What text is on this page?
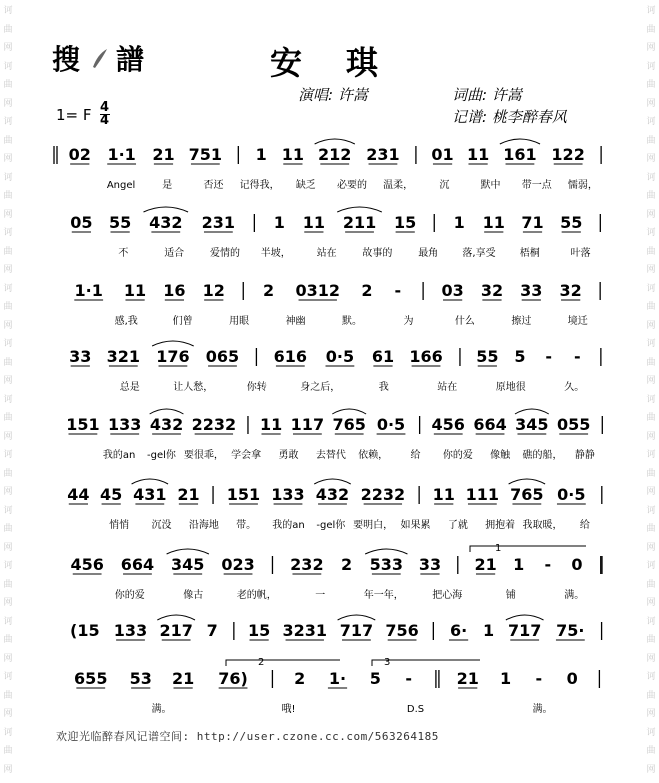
诃
曲
网
诃
曲
网
诃
曲
网
诃
曲
网
诃
曲
网
诃
曲
网
诃
曲
网
诃
曲
网
诃
曲
网
诃
曲
网
诃
曲
网
诃
曲
网
诃
曲
网
诃
曲
网
诃
曲
网
诃
曲
网
诃
曲
网
诃
曲
网
诃
曲
网
诃
曲
网
诃
曲
网
诃
曲
网
诃
曲
网
诃
曲
网
诃
曲
网
诃
曲
网
诃
曲
网
诃
曲
网
搜 譜	安琪
演唱: 许嵩	词曲: 许嵩
记谱: 桃李醉春风
1= F $\frac{4}{4}$
02 1·1 21 751 1 11 212 231 01 11 161 122
Angel	是	否还 记得我， 缺乏 必要的 温柔，	沉	默中 带一点 懦弱，
05 55 432 231 1 11 211 15 1 11 71 55
不	适合	爱情的 半坡，	站在	故事的	最角 落,享受 梧桐	叶落
1·1 11 16 12 2 0312 2 -	03 32 33 32
感,我	们曾	用眼	神幽	默。	为	什么	擦过	境迁
33 321 176 065 616 0·5 61 166 55 5 - -
总是	让人愁，	你转	身之后，	我	站在	原地很	久。
151 133 432 2232 11 117 765 0·5 456 664 345 055
我的an -gel你 要很乖， 学会拿 勇敢 去替代 依赖， 给 你的爱 像触 礁的船， 静静
44 45 431 21 151 133 432 2232 11 111 765 0·5
悄悄 沉没 沿海地 带。 我的an -gel你 要明白， 如果累 了就 拥抱着 我取暖， 给
456 664 345 023 232 2 533 33 21 1 - 0
你的爱	像古	老的帆，	一	年一年，	把心海	铺	满。
(15 133 217 7 15 3231 717 756 6· 1 717 75·
655 53 21 76)	2 1· 5 -	21 1 - 0
满。	哦!	D.S	满。
1
2	3
欢迎光临醉春风记谱空间: http://user.czone.cc.com/563264185
